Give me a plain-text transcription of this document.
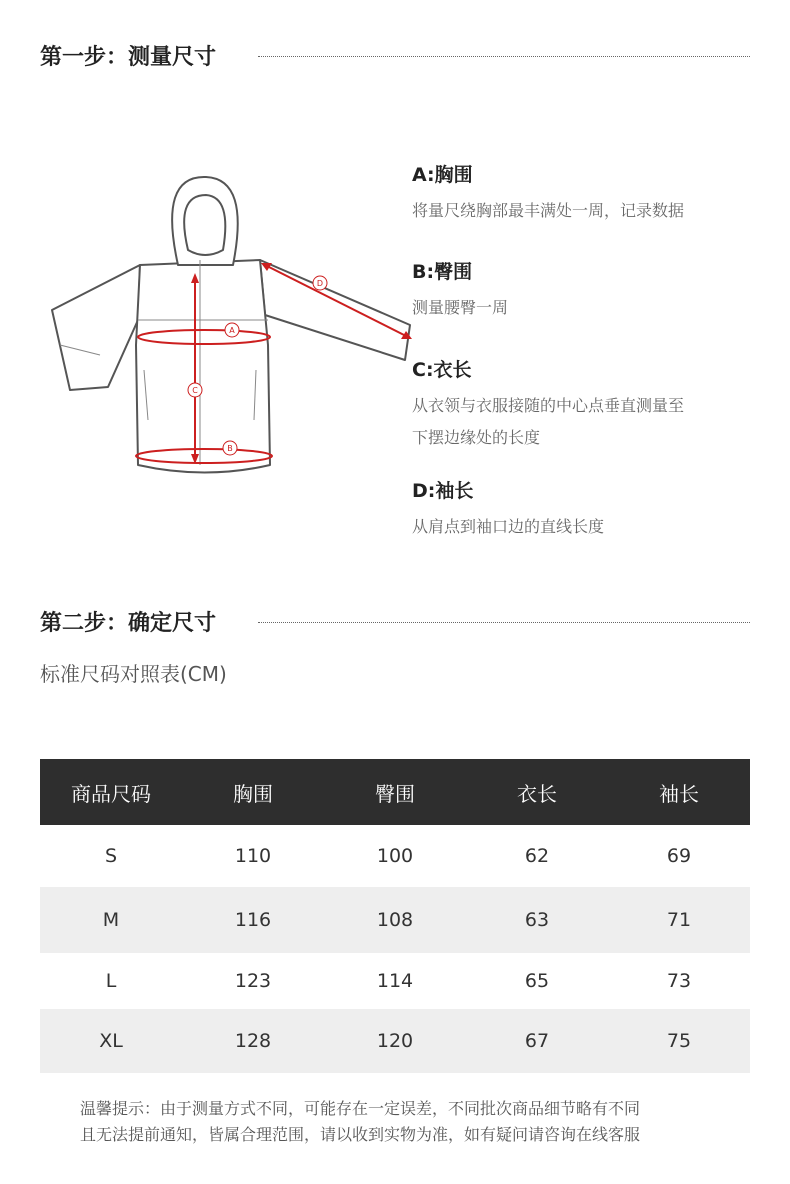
第一步：测量尺寸
A
B
C
D
A:胸围
将量尺绕胸部最丰满处一周，记录数据
B:臀围
测量腰臀一周
C:衣长
从衣领与衣服接随的中心点垂直测量至
下摆边缘处的长度
D:袖长
从肩点到袖口边的直线长度
第二步：确定尺寸
标准尺码对照表(CM)
商品尺码	胸围	臀围	衣长	袖长
S	110	100	62	69
M	116	108	63	71
L	123	114	65	73
XL	128	120	67	75
温馨提示：由于测量方式不同，可能存在一定误差，不同批次商品细节略有不同
且无法提前通知，皆属合理范围，请以收到实物为准，如有疑问请咨询在线客服
